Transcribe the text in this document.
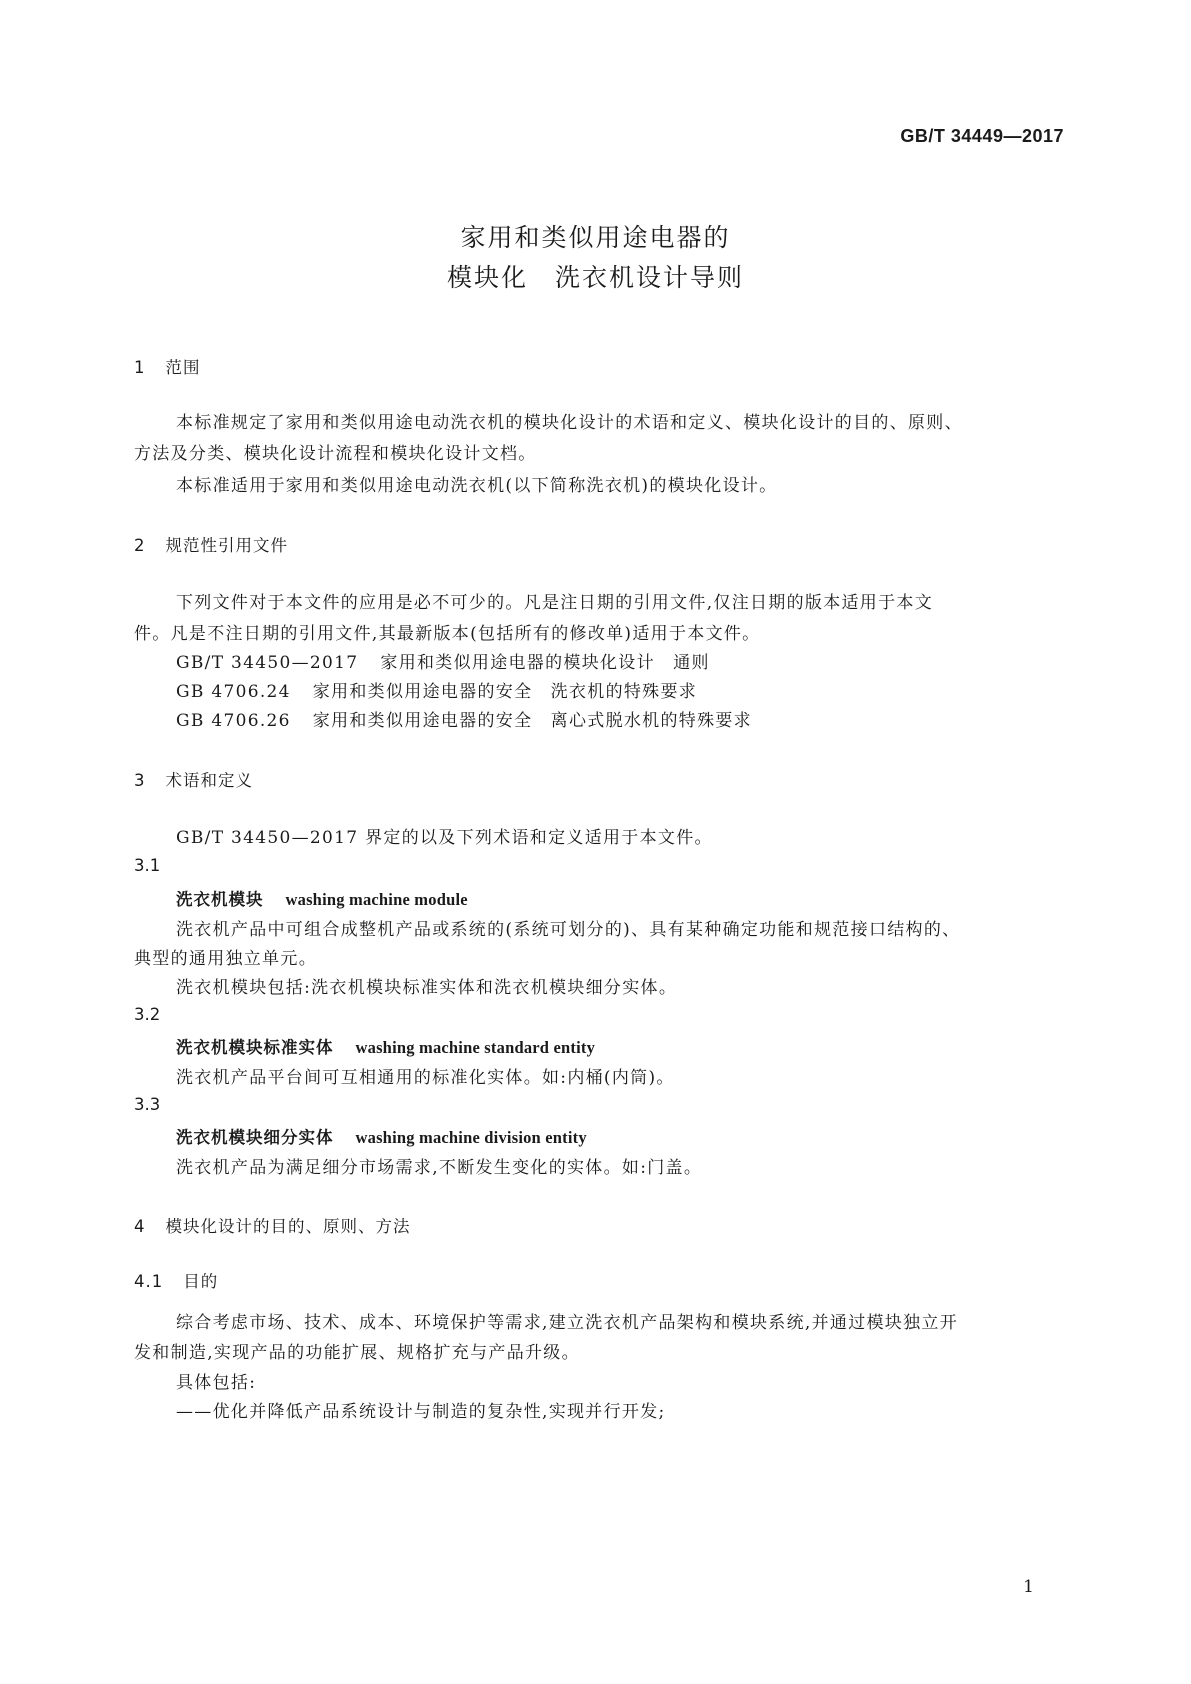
GB/T 34449—2017
家用和类似用途电器的
模块化　洗衣机设计导则
1 范围
本标准规定了家用和类似用途电动洗衣机的模块化设计的术语和定义、模块化设计的目的、原则、
方法及分类、模块化设计流程和模块化设计文档。
本标准适用于家用和类似用途电动洗衣机(以下简称洗衣机)的模块化设计。
2 规范性引用文件
下列文件对于本文件的应用是必不可少的。凡是注日期的引用文件,仅注日期的版本适用于本文
件。凡是不注日期的引用文件,其最新版本(包括所有的修改单)适用于本文件。
GB/T 34450—2017 家用和类似用途电器的模块化设计　通则
GB 4706.24 家用和类似用途电器的安全　洗衣机的特殊要求
GB 4706.26 家用和类似用途电器的安全　离心式脱水机的特殊要求
3 术语和定义
GB/T 34450—2017 界定的以及下列术语和定义适用于本文件。
3.1
洗衣机模块 washing machine module
洗衣机产品中可组合成整机产品或系统的(系统可划分的)、具有某种确定功能和规范接口结构的、
典型的通用独立单元。
洗衣机模块包括:洗衣机模块标准实体和洗衣机模块细分实体。
3.2
洗衣机模块标准实体 washing machine standard entity
洗衣机产品平台间可互相通用的标准化实体。如:内桶(内筒)。
3.3
洗衣机模块细分实体 washing machine division entity
洗衣机产品为满足细分市场需求,不断发生变化的实体。如:门盖。
4 模块化设计的目的、原则、方法
4.1 目的
综合考虑市场、技术、成本、环境保护等需求,建立洗衣机产品架构和模块系统,并通过模块独立开
发和制造,实现产品的功能扩展、规格扩充与产品升级。
具体包括:
——优化并降低产品系统设计与制造的复杂性,实现并行开发;
1
